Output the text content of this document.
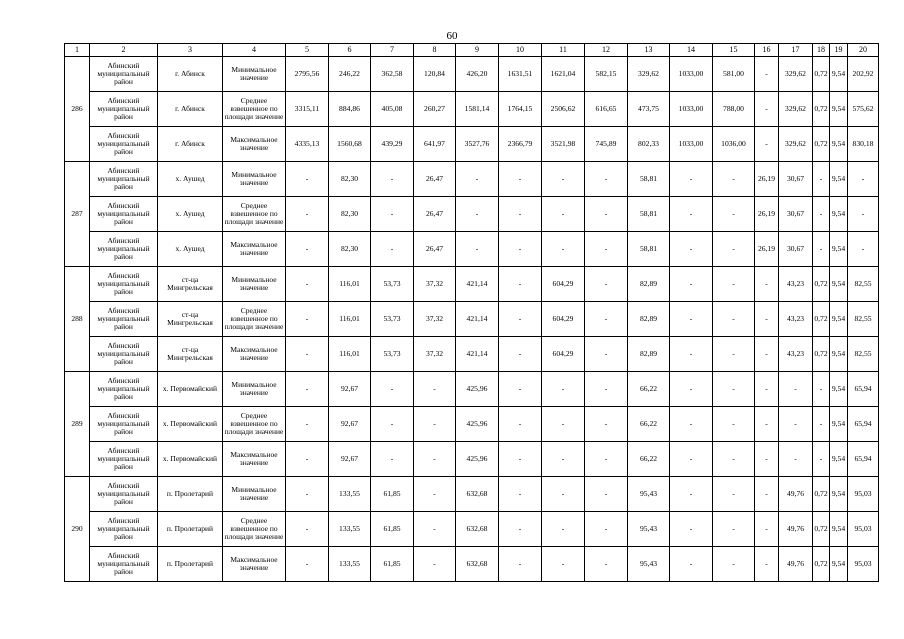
60
1	2	3	4	5	6	7	8	9	10	11	12	13	14	15	16	17	18	19	20
286	Абинский муниципальный район	г. Абинск	Минимальное значение	2795,56	246,22	362,58	120,84	426,20	1631,51	1621,04	582,15	329,62	1033,00	581,00	-	329,62	0,72	9,54	202,92
	Абинский муниципальный район	г. Абинск	Среднее взвешенное по площади значение	3315,11	884,86	405,08	260,27	1581,14	1764,15	2506,62	616,65	473,75	1033,00	788,00	-	329,62	0,72	9,54	575,62
	Абинский муниципальный район	г. Абинск	Максимальное значение	4335,13	1560,68	439,29	641,97	3527,76	2366,79	3521,98	745,89	802,33	1033,00	1036,00	-	329,62	0,72	9,54	830,18
287	Абинский муниципальный район	х. Аушед	Минимальное значение	-	82,30	-	26,47	-	-	-	-	58,81	-	-	26,19	30,67	-	9,54	-
	Абинский муниципальный район	х. Аушед	Среднее взвешенное по площади значение	-	82,30	-	26,47	-	-	-	-	58,81	-	-	26,19	30,67	-	9,54	-
	Абинский муниципальный район	х. Аушед	Максимальное значение	-	82,30	-	26,47	-	-	-	-	58,81	-	-	26,19	30,67	-	9,54	-
288	Абинский муниципальный район	ст-ца Мингрельская	Минимальное значение	-	116,01	53,73	37,32	421,14	-	604,29	-	82,89	-	-	-	43,23	0,72	9,54	82,55
	Абинский муниципальный район	ст-ца Мингрельская	Среднее взвешенное по площади значение	-	116,01	53,73	37,32	421,14	-	604,29	-	82,89	-	-	-	43,23	0,72	9,54	82,55
	Абинский муниципальный район	ст-ца Мингрельская	Максимальное значение	-	116,01	53,73	37,32	421,14	-	604,29	-	82,89	-	-	-	43,23	0,72	9,54	82,55
289	Абинский муниципальный район	х. Первомайский	Минимальное значение	-	92,67	-	-	425,96	-	-	-	66,22	-	-	-	-	-	9,54	65,94
	Абинский муниципальный район	х. Первомайский	Среднее взвешенное по площади значение	-	92,67	-	-	425,96	-	-	-	66,22	-	-	-	-	-	9,54	65,94
	Абинский муниципальный район	х. Первомайский	Максимальное значение	-	92,67	-	-	425,96	-	-	-	66,22	-	-	-	-	-	9,54	65,94
290	Абинский муниципальный район	п. Пролетарий	Минимальное значение	-	133,55	61,85	-	632,68	-	-	-	95,43	-	-	-	49,76	0,72	9,54	95,03
	Абинский муниципальный район	п. Пролетарий	Среднее взвешенное по площади значение	-	133,55	61,85	-	632,68	-	-	-	95,43	-	-	-	49,76	0,72	9,54	95,03
	Абинский муниципальный район	п. Пролетарий	Максимальное значение	-	133,55	61,85	-	632,68	-	-	-	95,43	-	-	-	49,76	0,72	9,54	95,03
